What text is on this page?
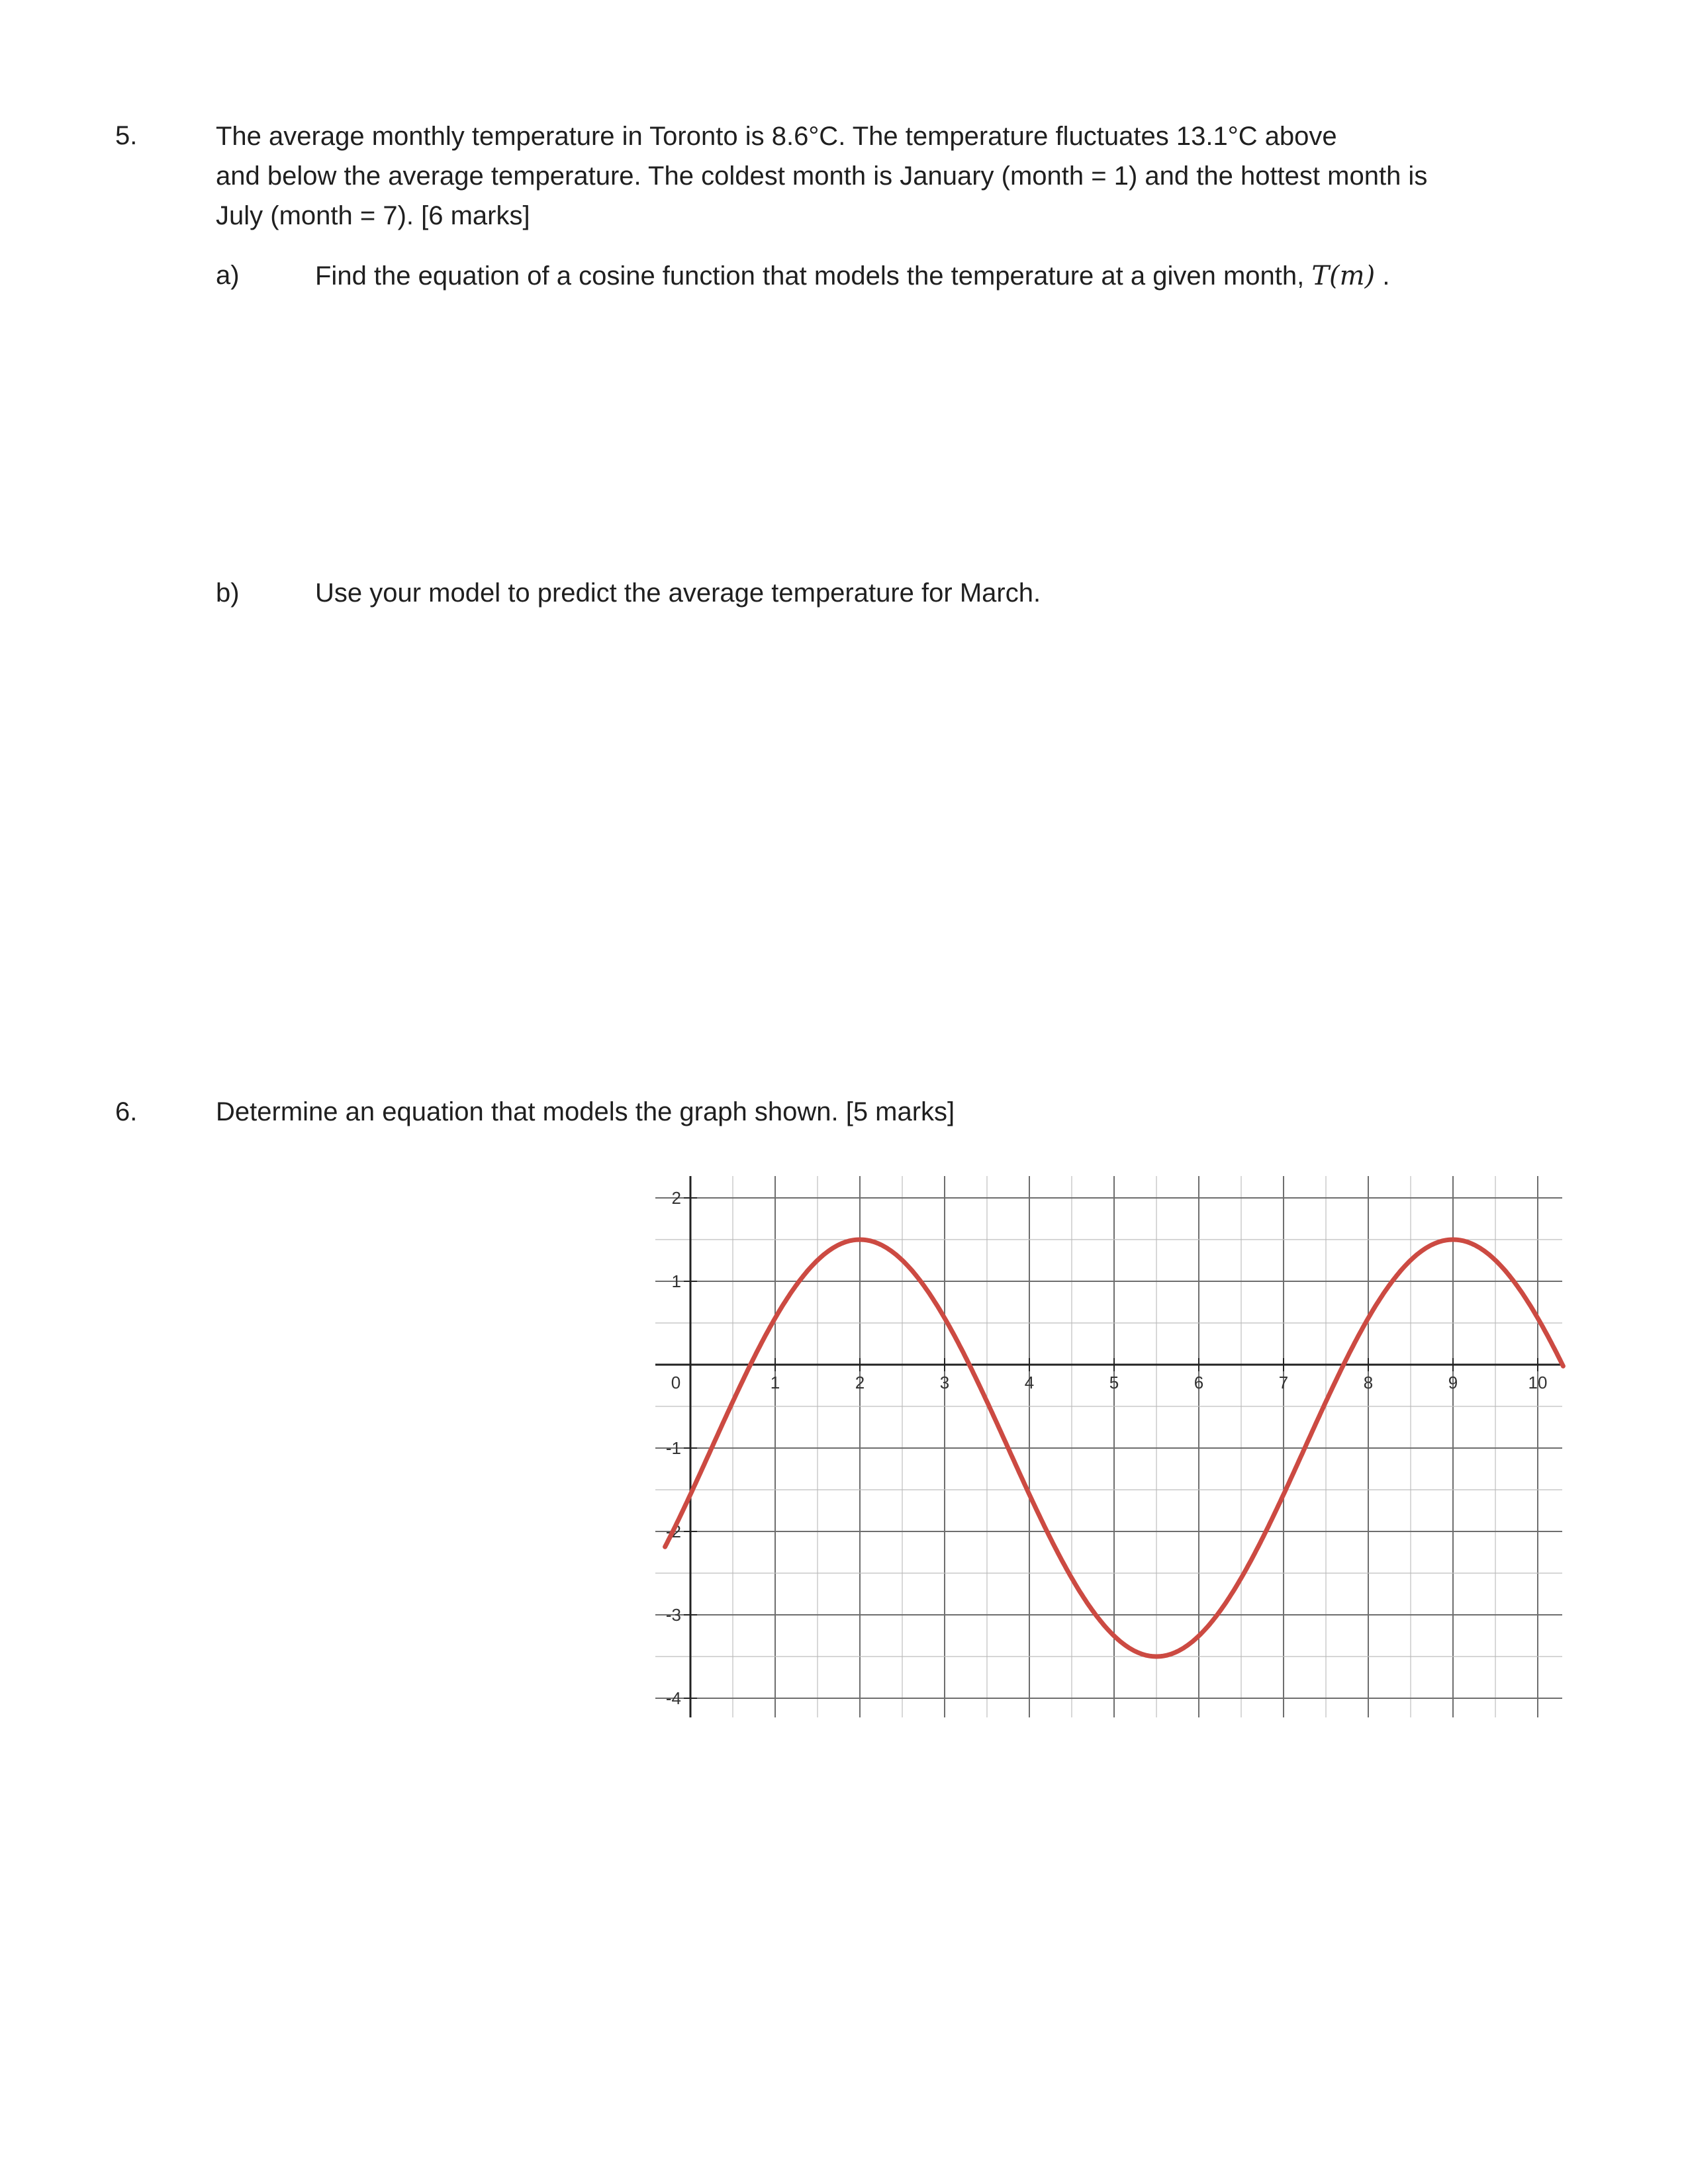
5.	The average monthly temperature in Toronto is 8.6°C. The temperature fluctuates 13.1°C above
and below the average temperature. The coldest month is January (month = 1) and the hottest month is
July (month = 7). [6 marks]
a)	Find the equation of a cosine function that models the temperature at a given month, T(m) .
b)	Use your model to predict the average temperature for March.
6.	Determine an equation that models the graph shown. [5 marks]
0	1	2	3	4	5	6	7	8	9	10
2
1
-1
-2
-3
-4
